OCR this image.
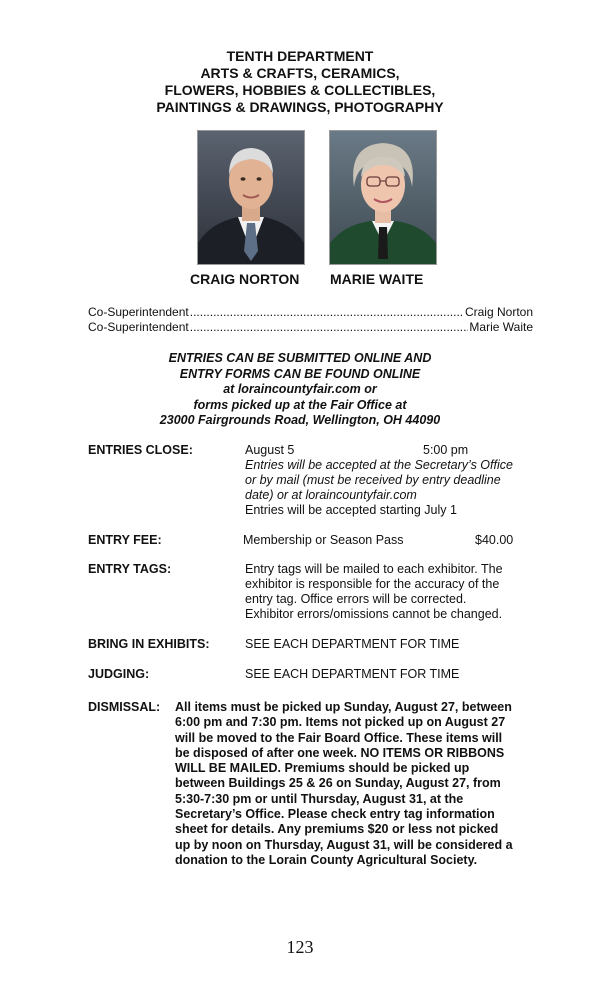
TENTH DEPARTMENT
ARTS & CRAFTS, CERAMICS,
FLOWERS, HOBBIES & COLLECTIBLES,
PAINTINGS & DRAWINGS, PHOTOGRAPHY
CRAIG NORTON MARIE WAITE
Co-Superintendent .....	Craig Norton
Co-Superintendent .....	Marie Waite
ENTRIES CAN BE SUBMITTED ONLINE AND
ENTRY FORMS CAN BE FOUND ONLINE
at loraincountyfair.com or
forms picked up at the Fair Office at
23000 Fairgrounds Road, Wellington, OH 44090
ENTRIES CLOSE:	August 5	5:00 pm
Entries will be accepted at the Secretary’s Office
or by mail (must be received by entry deadline
date) or at loraincountyfair.com
Entries will be accepted starting July 1
ENTRY FEE:	Membership or Season Pass	$40.00
ENTRY TAGS:	Entry tags will be mailed to each exhibitor. The
exhibitor is responsible for the accuracy of the
entry tag. Office errors will be corrected.
Exhibitor errors/omissions cannot be changed.
BRING IN EXHIBITS:	SEE EACH DEPARTMENT FOR TIME
JUDGING:	SEE EACH DEPARTMENT FOR TIME
DISMISSAL: All items must be picked up Sunday, August 27, between
6:00 pm and 7:30 pm. Items not picked up on August 27
will be moved to the Fair Board Office. These items will
be disposed of after one week. NO ITEMS OR RIBBONS
WILL BE MAILED. Premiums should be picked up
between Buildings 25 & 26 on Sunday, August 27, from
5:30-7:30 pm or until Thursday, August 31, at the
Secretary’s Office. Please check entry tag information
sheet for details. Any premiums $20 or less not picked
up by noon on Thursday, August 31, will be considered a
donation to the Lorain County Agricultural Society.
123
